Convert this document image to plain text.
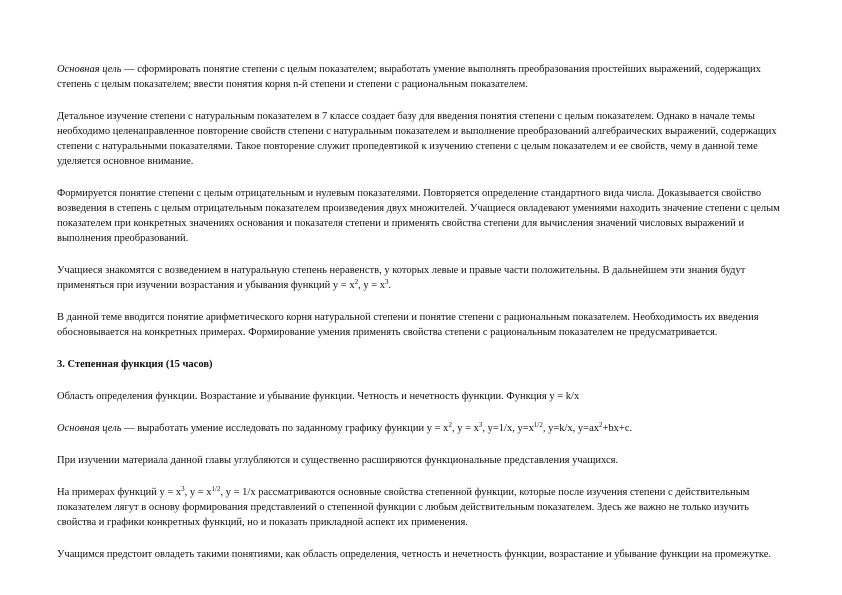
Основная цель — сформировать понятие степени с целым показателем; выработать умение выполнять преобразования простейших выражений, содержащих степень с целым показателем; ввести понятия корня n-й степени и степени с рациональным показателем.

Детальное изучение степени с натуральным показателем в 7 классе создает базу для введения понятия степени с целым показателем. Однако в начале темы необходимо целенаправленное повторение свойств степени с натуральным показателем и выполнение преобразований алгебраических выражений, содержащих степени с натуральными показателями. Такое повторение служит пропедевтикой к изучению степени с целым показателем и ее свойств, чему в данной теме уделяется основное внимание.

Формируется понятие степени с целым отрицательным и нулевым показателями. Повторяется определение стандартного вида числа. Доказывается свойство возведения в степень с целым отрицательным показателем произведения двух множителей. Учащиеся овладевают умениями находить значение степени с целым показателем при конкретных значениях основания и показателя степени и применять свойства степени для вычисления значений числовых выражений и выполнения преобразований.

Учащиеся знакомятся с возведением в натуральную степень неравенств, у которых левые и правые части положительны. В дальнейшем эти знания будут применяться при изучении возрастания и убывания функций $y = x^2$, $y = x^3$.

В данной теме вводится понятие арифметического корня натуральной степени и понятие степени с рациональным показателем. Необходимость их введения обосновывается на конкретных примерах. Формирование умения применять свойства степени с рациональным показателем не предусматривается.

3. Степенная функция (15 часов)

Область определения функции. Возрастание и убывание функции. Четность и нечетность функции. Функция y = k/x

Основная цель — выработать умение исследовать по заданному графику функции $y = x^2$, $y = x^3$, y=1/x, $y=x^{1/2}$, y=k/x, $y=ax^2+bx+c$.

При изучении материала данной главы углубляются и существенно расширяются функциональные представления учащихся.

На примерах функций $y = x^3$, $y = x^{1/2}$, y = 1/x рассматриваются основные свойства степенной функции, которые после изучения степени с действительным показателем лягут в основу формирования представлений о степенной функции с любым действительным показателем. Здесь же важно не только изучить свойства и графики конкретных функций, но и показать прикладной аспект их применения.

Учащимся предстоит овладеть такими понятиями, как область определения, четность и нечетность функции, возрастание и убывание функции на промежутке.
